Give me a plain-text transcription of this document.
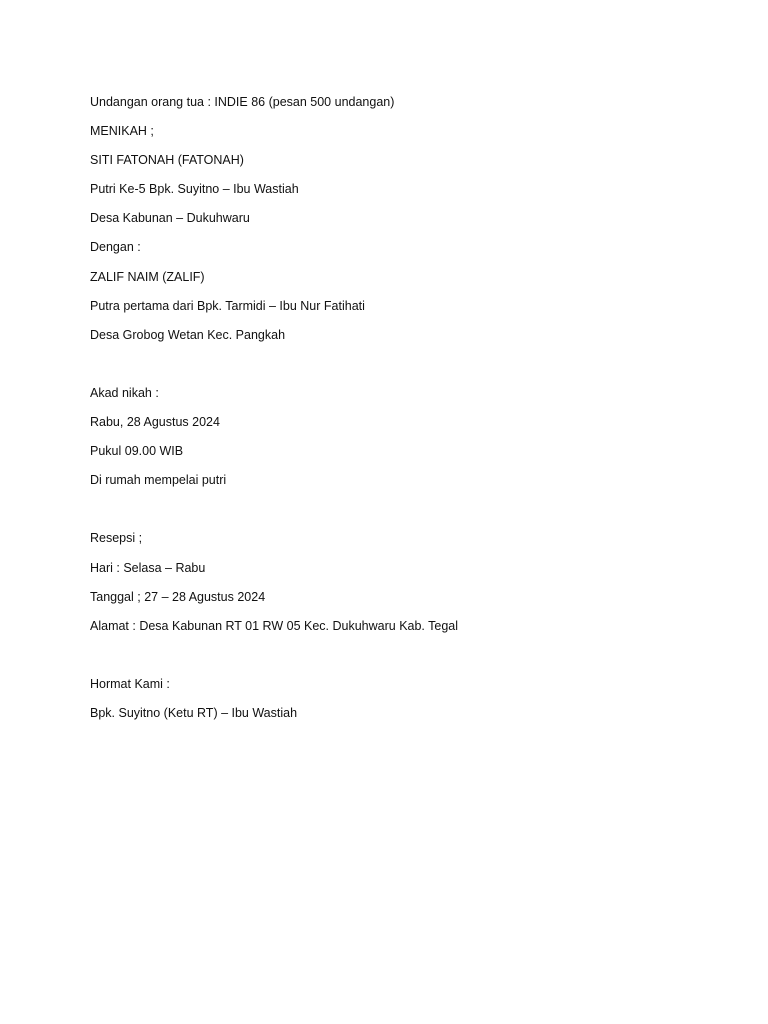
Undangan orang tua : INDIE 86 (pesan 500 undangan)
MENIKAH ;
SITI FATONAH (FATONAH)
Putri Ke-5 Bpk. Suyitno – Ibu Wastiah
Desa Kabunan – Dukuhwaru
Dengan :
ZALIF NAIM (ZALIF)
Putra pertama dari Bpk. Tarmidi – Ibu Nur Fatihati
Desa Grobog Wetan Kec. Pangkah
Akad nikah :
Rabu, 28 Agustus 2024
Pukul 09.00 WIB
Di rumah mempelai putri
Resepsi ;
Hari : Selasa – Rabu
Tanggal ; 27 – 28 Agustus 2024
Alamat : Desa Kabunan RT 01 RW 05 Kec. Dukuhwaru Kab. Tegal
Hormat Kami :
Bpk. Suyitno (Ketu RT) – Ibu Wastiah
